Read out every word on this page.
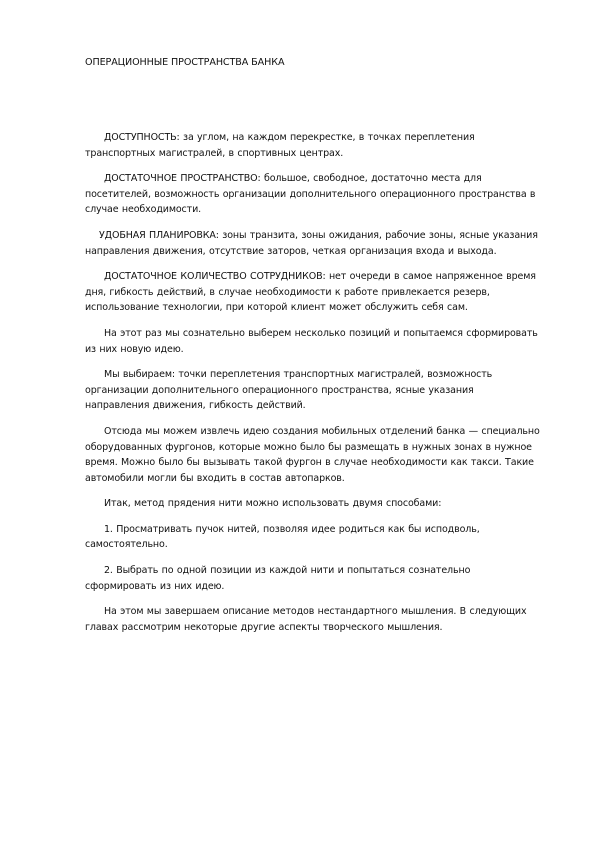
ОПЕРАЦИОННЫЕ ПРОСТРАНСТВА БАНКА

ДОСТУПНОСТЬ: за углом, на каждом перекрестке, в точках переплетения транспортных магистралей, в спортивных центрах.

ДОСТАТОЧНОЕ ПРОСТРАНСТВО: большое, свободное, достаточно места для посетителей, возможность организации дополнительного операционного пространства в случае необходимости.

УДОБНАЯ ПЛАНИРОВКА: зоны транзита, зоны ожидания, рабочие зоны, ясные указания направления движения, отсутствие заторов, четкая организация входа и выхода.

ДОСТАТОЧНОЕ КОЛИЧЕСТВО СОТРУДНИКОВ: нет очереди в самое напряженное время дня, гибкость действий, в случае необходимости к работе привлекается резерв, использование технологии, при которой клиент может обслужить себя сам.

На этот раз мы сознательно выберем несколько позиций и попытаемся сформировать из них новую идею.

Мы выбираем: точки переплетения транспортных магистралей, возможность организации дополнительного операционного пространства, ясные указания направления движения, гибкость действий.

Отсюда мы можем извлечь идею создания мобильных отделений банка — специально оборудованных фургонов, которые можно было бы размещать в нужных зонах в нужное время. Можно было бы вызывать такой фургон в случае необходимости как такси. Такие автомобили могли бы входить в состав автопарков.

Итак, метод прядения нити можно использовать двумя способами:

1. Просматривать пучок нитей, позволяя идее родиться как бы исподволь, самостоятельно.

2. Выбрать по одной позиции из каждой нити и попытаться сознательно сформировать из них идею.

На этом мы завершаем описание методов нестандартного мышления. В следующих главах рассмотрим некоторые другие аспекты творческого мышления.
